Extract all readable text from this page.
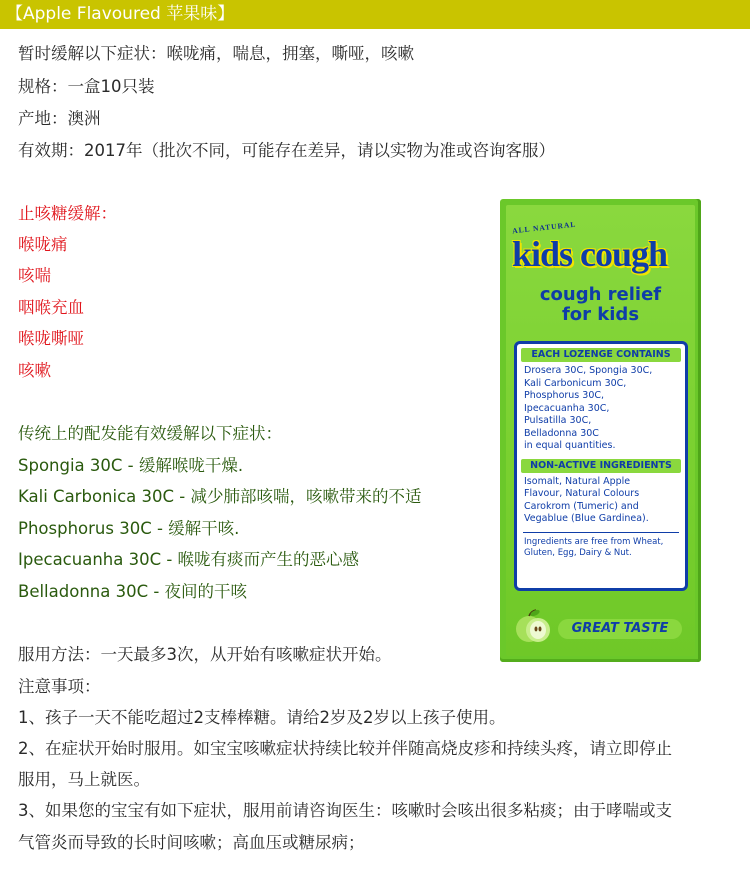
【Apple Flavoured 苹果味】
暂时缓解以下症状：喉咙痛，喘息，拥塞，嘶哑，咳嗽
规格：一盒10只装
产地：澳洲
有效期：2017年（批次不同，可能存在差异，请以实物为准或咨询客服）
止咳糖缓解：
喉咙痛
咳喘
咽喉充血
喉咙嘶哑
咳嗽
传统上的配发能有效缓解以下症状：
Spongia 30C - 缓解喉咙干燥.
Kali Carbonica 30C - 减少肺部咳喘，咳嗽带来的不适
Phosphorus 30C - 缓解干咳.
Ipecacuanha 30C - 喉咙有痰而产生的恶心感
Belladonna 30C - 夜间的干咳
服用方法：一天最多3次，从开始有咳嗽症状开始。
注意事项：
1、孩子一天不能吃超过2支棒棒糖。请给2岁及2岁以上孩子使用。
2、在症状开始时服用。如宝宝咳嗽症状持续比较并伴随高烧皮疹和持续头疼，请立即停止
服用，马上就医。
3、如果您的宝宝有如下症状，服用前请咨询医生：咳嗽时会咳出很多粘痰；由于哮喘或支
气管炎而导致的长时间咳嗽；高血压或糖尿病；
ALL NATURAL
kids cough
cough relief
for kids
EACH LOZENGE CONTAINS
Drosera 30C, Spongia 30C,
Kali Carbonicum 30C,
Phosphorus 30C,
Ipecacuanha 30C,
Pulsatilla 30C,
Belladonna 30C
in equal quantities.
NON-ACTIVE INGREDIENTS
Isomalt, Natural Apple
Flavour, Natural Colours
Carokrom (Tumeric) and
Vegablue (Blue Gardinea).
Ingredients are free from Wheat,
Gluten, Egg, Dairy & Nut.
GREAT TASTE
